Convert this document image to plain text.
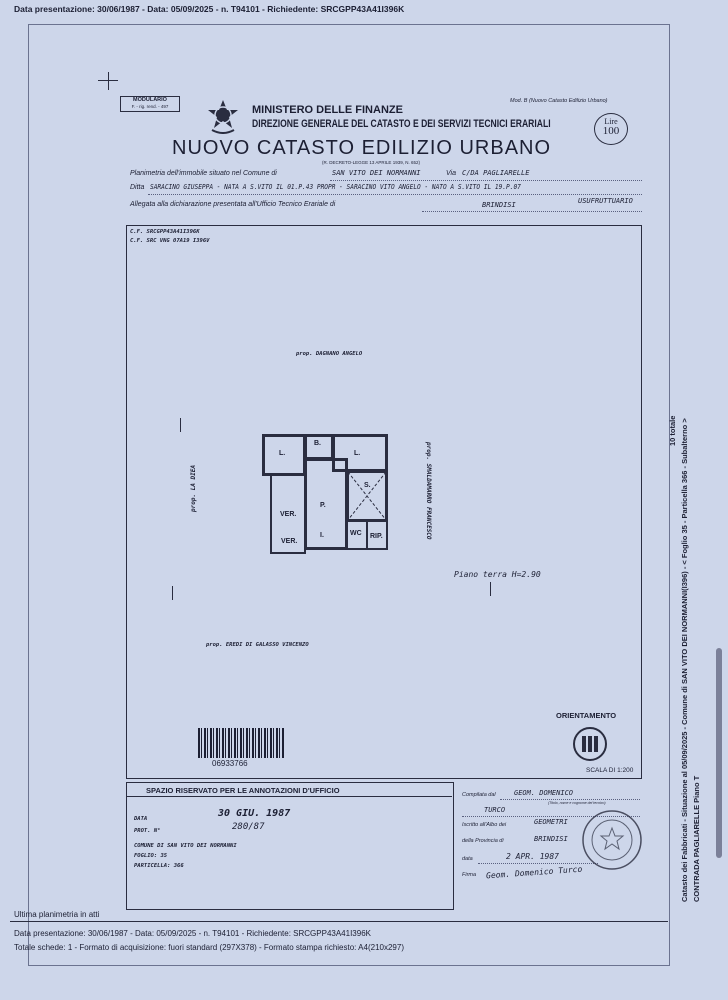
Data presentazione: 30/06/1987 - Data: 05/09/2025 - n. T94101 - Richiedente: SRCGPP43A41I396K
MODULARIO
F. - rig. rend. - 497	MINISTERO DELLE FINANZE
DIREZIONE GENERALE DEL CATASTO E DEI SERVIZI TECNICI ERARIALI
Mod. B (Nuovo Catasto Edilizio Urbano)
Lire
100
NUOVO CATASTO EDILIZIO URBANO
(R. DECRETO-LEGGE 13 APRILE 1939, N. 652)
Planimetria dell'immobile situato nel Comune di	SAN VITO DEI NORMANNI	Via C/DA PAGLIARELLE
Ditta SARACINO GIUSEPPA - NATA A S.VITO IL 01.P.43 PROPR - SARACINO VITO ANGELO - NATO A S.VITO IL 19.P.07
Allegata alla dichiarazione presentata all'Ufficio Tecnico Erariale di	BRINDISI	USUFRUTTUARIO
C.F. SRCGPP43A41I396K
C.F. SRC VNG 07A19 I396V
prop. DAGNANO ANGELO
prop. EREDI DI GALASSO VINCENZO
prop. LA DIEA	prop. SMALDAMARRO FRANCESCO
L.
B.
L.
S.
P.
I.	WC RIP.
VER.
VER.
Piano terra H=2.90
ORIENTAMENTO
SCALA DI 1:200
06933766
SPAZIO RISERVATO PER LE ANNOTAZIONI D'UFFICIO
DATA	30 GIU. 1987
PROT. N°	280/87
COMUNE DI SAN VITO DEI NORMANNI
FOGLIO: 35
PARTICELLA: 366
Compilata dal	GEOM. DOMENICO
(Titolo, nome e cognome del tecnico)
TURCO
Iscritto all'Albo dei	GEOMETRI
della Provincia di	BRINDISI
data	2 APR. 1987
Firma Geom. Domenico Turco
Ultima planimetria in atti
Data presentazione: 30/06/1987 - Data: 05/09/2025 - n. T94101 - Richiedente: SRCGPP43A41I396K
Totale schede: 1 - Formato di acquisizione: fuori standard (297X378) - Formato stampa richiesto: A4(210x297)
Catasto dei Fabbricati - Situazione al 05/09/2025 - Comune di SAN VITO DEI NORMANNI(I396) - < Foglio 35 - Particella 366 - Subalterno > CONTRADA PAGLIARELLE Piano T
10 totale
